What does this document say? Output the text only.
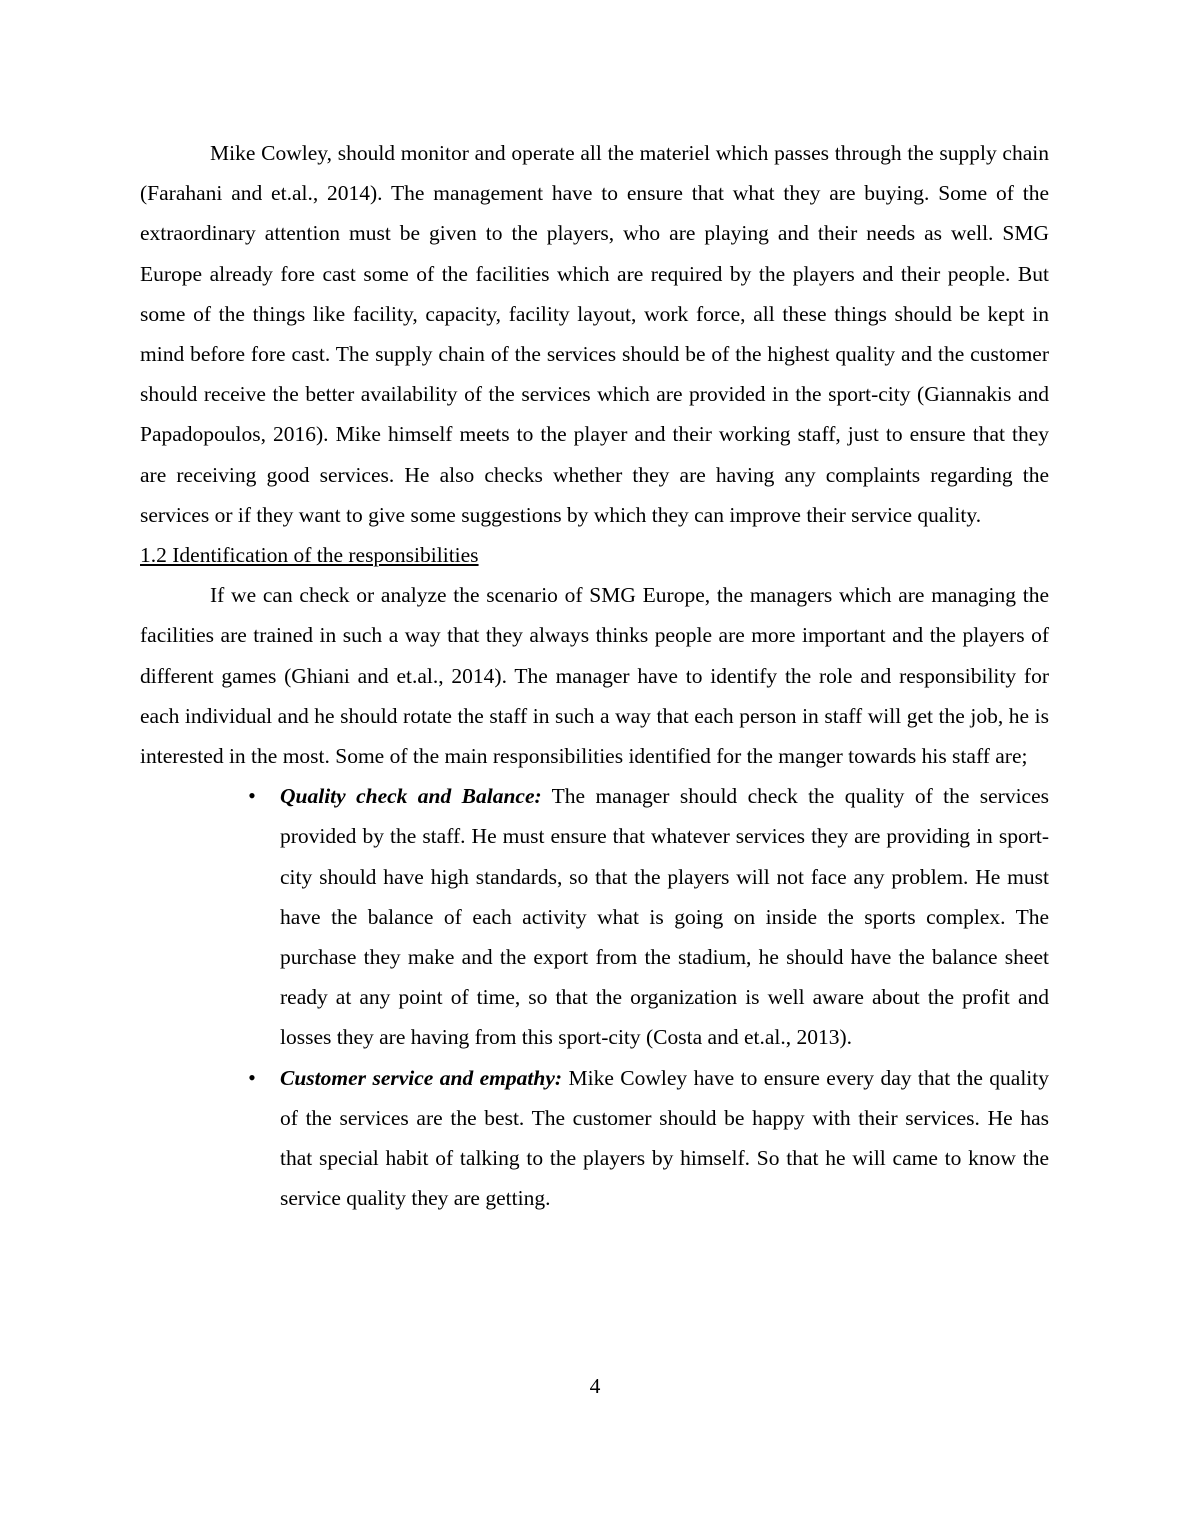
Mike Cowley, should monitor and operate all the materiel which passes through the supply chain (Farahani and et.al., 2014). The management have to ensure that what they are buying. Some of the extraordinary attention must be given to the players, who are playing and their needs as well. SMG Europe already fore cast some of the facilities which are required by the players and their people. But some of the things like facility, capacity, facility layout, work force, all these things should be kept in mind before fore cast. The supply chain of the services should be of the highest quality and the customer should receive the better availability of the services which are provided in the sport-city (Giannakis and Papadopoulos, 2016). Mike himself meets to the player and their working staff, just to ensure that they are receiving good services. He also checks whether they are having any complaints regarding the services or if they want to give some suggestions by which they can improve their service quality.

1.2 Identification of the responsibilities

If we can check or analyze the scenario of SMG Europe, the managers which are managing the facilities are trained in such a way that they always thinks people are more important and the players of different games (Ghiani and et.al., 2014). The manager have to identify the role and responsibility for each individual and he should rotate the staff in such a way that each person in staff will get the job, he is interested in the most. Some of the main responsibilities identified for the manger towards his staff are;

• Quality check and Balance: The manager should check the quality of the services provided by the staff. He must ensure that whatever services they are providing in sport-city should have high standards, so that the players will not face any problem. He must have the balance of each activity what is going on inside the sports complex. The purchase they make and the export from the stadium, he should have the balance sheet ready at any point of time, so that the organization is well aware about the profit and losses they are having from this sport-city (Costa and et.al., 2013).
• Customer service and empathy: Mike Cowley have to ensure every day that the quality of the services are the best. The customer should be happy with their services. He has that special habit of talking to the players by himself. So that he will came to know the service quality they are getting.
4
